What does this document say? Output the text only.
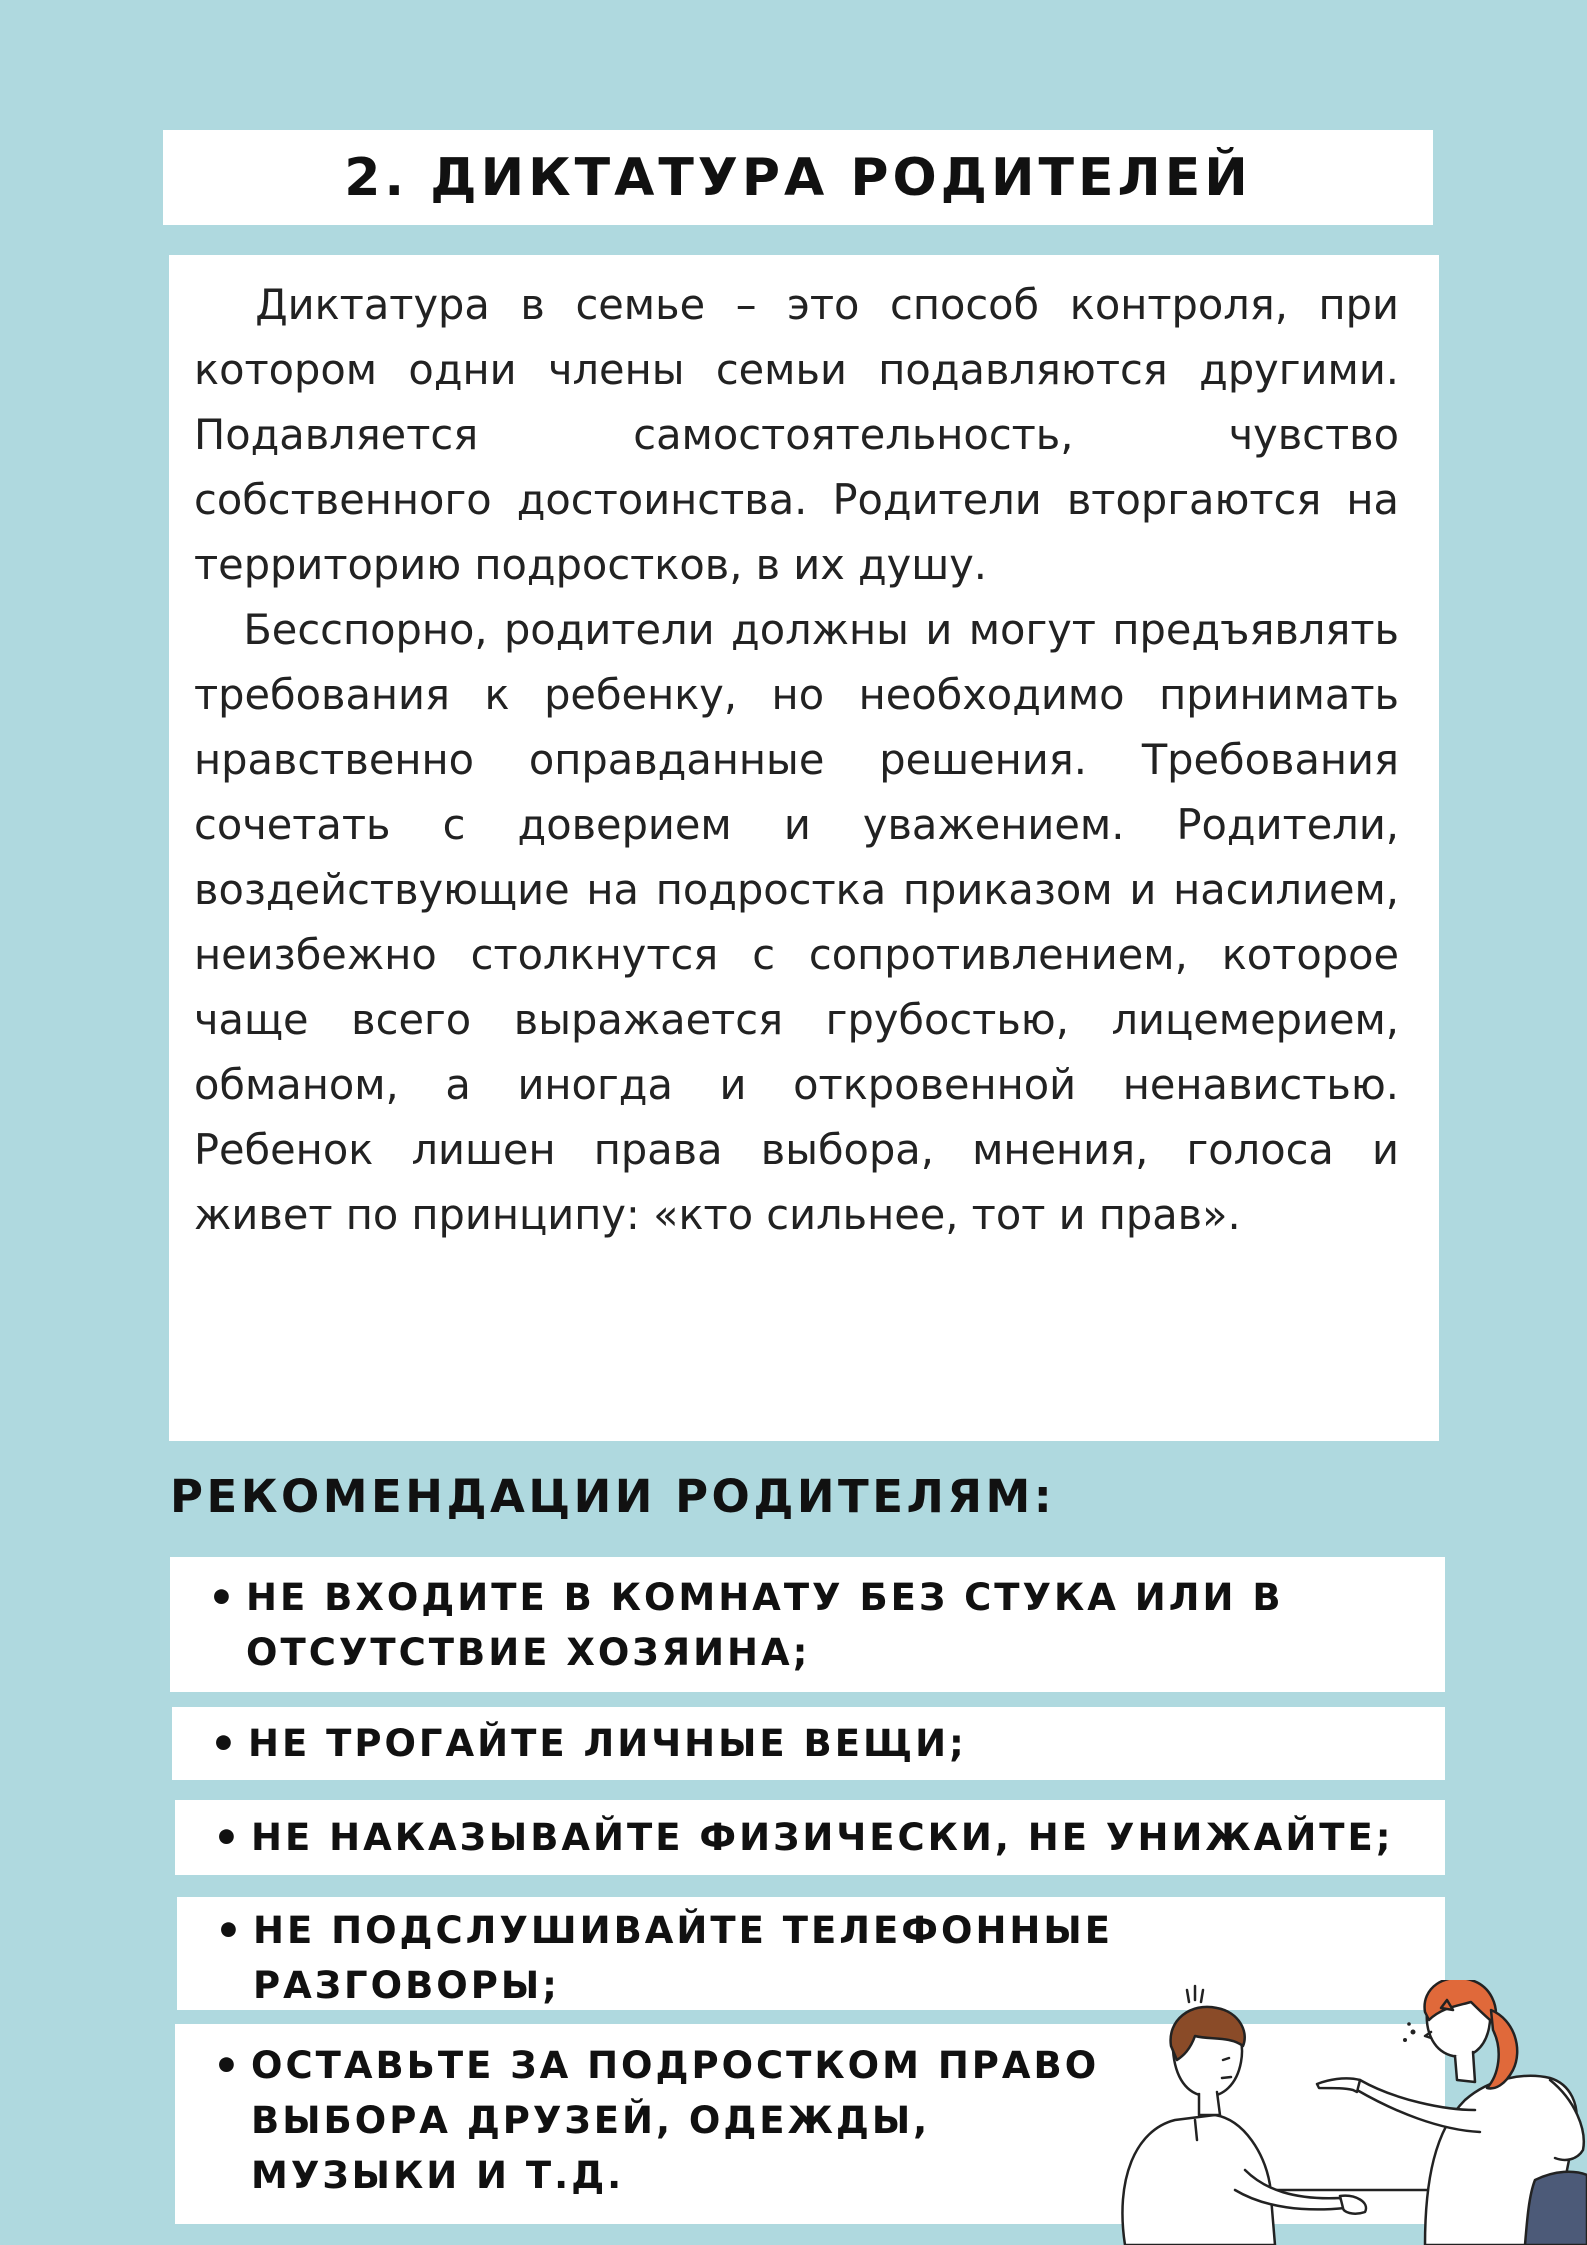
2. ДИКТАТУРА РОДИТЕЛЕЙ

Диктатура в семье – это способ контроля, при котором одни члены семьи подавляются другими. Подавляется самостоятельность, чувство собственного достоинства. Родители вторгаются на территорию подростков, в их душу.

Бесспорно, родители должны и могут предъявлять требования к ребенку, но необходимо принимать нравственно оправданные решения. Требования сочетать с доверием и уважением. Родители, воздействующие на подростка приказом и насилием, неизбежно столкнутся с сопротивлением, которое чаще всего выражается грубостью, лицемерием, обманом, а иногда и откровенной ненавистью. Ребенок лишен права выбора, мнения, голоса и живет по принципу: «кто сильнее, тот и прав».

РЕКОМЕНДАЦИИ РОДИТЕЛЯМ:
• НЕ ВХОДИТЕ В КОМНАТУ БЕЗ СТУКА ИЛИ В ОТСУТСТВИЕ ХОЗЯИНА;
• НЕ ТРОГАЙТЕ ЛИЧНЫЕ ВЕЩИ;
• НЕ НАКАЗЫВАЙТЕ ФИЗИЧЕСКИ, НЕ УНИЖАЙТЕ;
• НЕ ПОДСЛУШИВАЙТЕ ТЕЛЕФОННЫЕ РАЗГОВОРЫ;
• ОСТАВЬТЕ ЗА ПОДРОСТКОМ ПРАВО ВЫБОРА ДРУЗЕЙ, ОДЕЖДЫ, МУЗЫКИ И Т.Д.
